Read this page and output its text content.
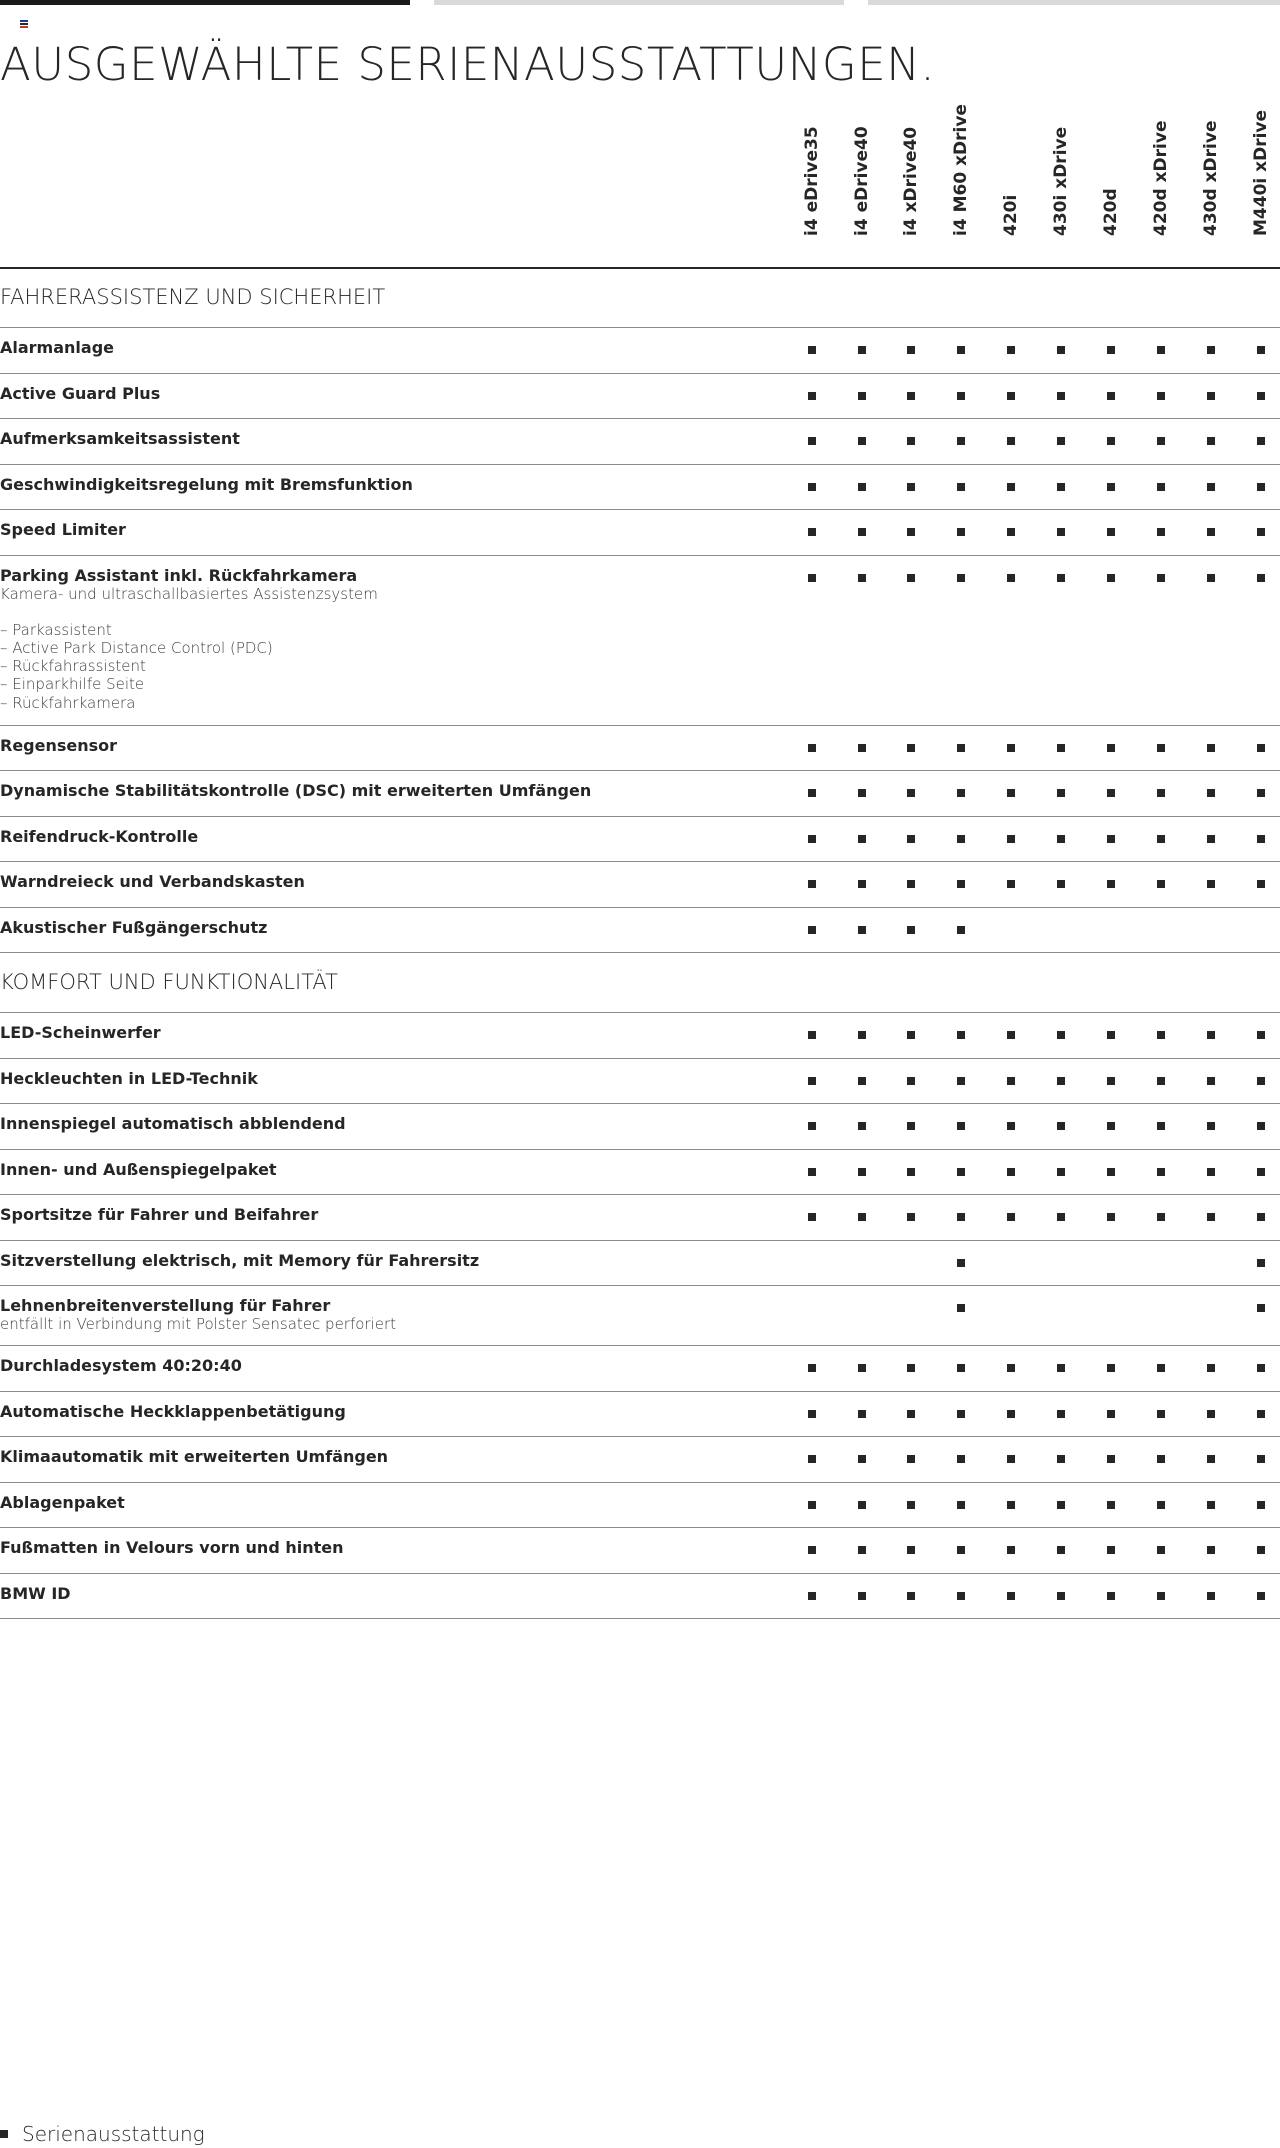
AUSGEWÄHLTE SERIENAUSSTATTUNGEN.
i4 eDrive35 i4 eDrive40 i4 xDrive40 i4 M60 xDrive 420i 430i xDrive 420d 420d xDrive 430d xDrive M440i xDrive
FAHRERASSISTENZ UND SICHERHEIT
Alarmanlage
Active Guard Plus
Aufmerksamkeitsassistent
Geschwindigkeitsregelung mit Bremsfunktion
Speed Limiter
Parking Assistant inkl. Rückfahrkamera
Kamera- und ultraschallbasiertes Assistenzsystem
– Parkassistent
– Active Park Distance Control (PDC)
– Rückfahrassistent
– Einparkhilfe Seite
– Rückfahrkamera
Regensensor
Dynamische Stabilitätskontrolle (DSC) mit erweiterten Umfängen
Reifendruck-Kontrolle
Warndreieck und Verbandskasten
Akustischer Fußgängerschutz
KOMFORT UND FUNKTIONALITÄT
LED-Scheinwerfer
Heckleuchten in LED-Technik
Innenspiegel automatisch abblendend
Innen- und Außenspiegelpaket
Sportsitze für Fahrer und Beifahrer
Sitzverstellung elektrisch, mit Memory für Fahrersitz
Lehnenbreitenverstellung für Fahrer
entfällt in Verbindung mit Polster Sensatec perforiert
Durchladesystem 40:20:40
Automatische Heckklappenbetätigung
Klimaautomatik mit erweiterten Umfängen
Ablagenpaket
Fußmatten in Velours vorn und hinten
BMW ID
Serienausstattung
